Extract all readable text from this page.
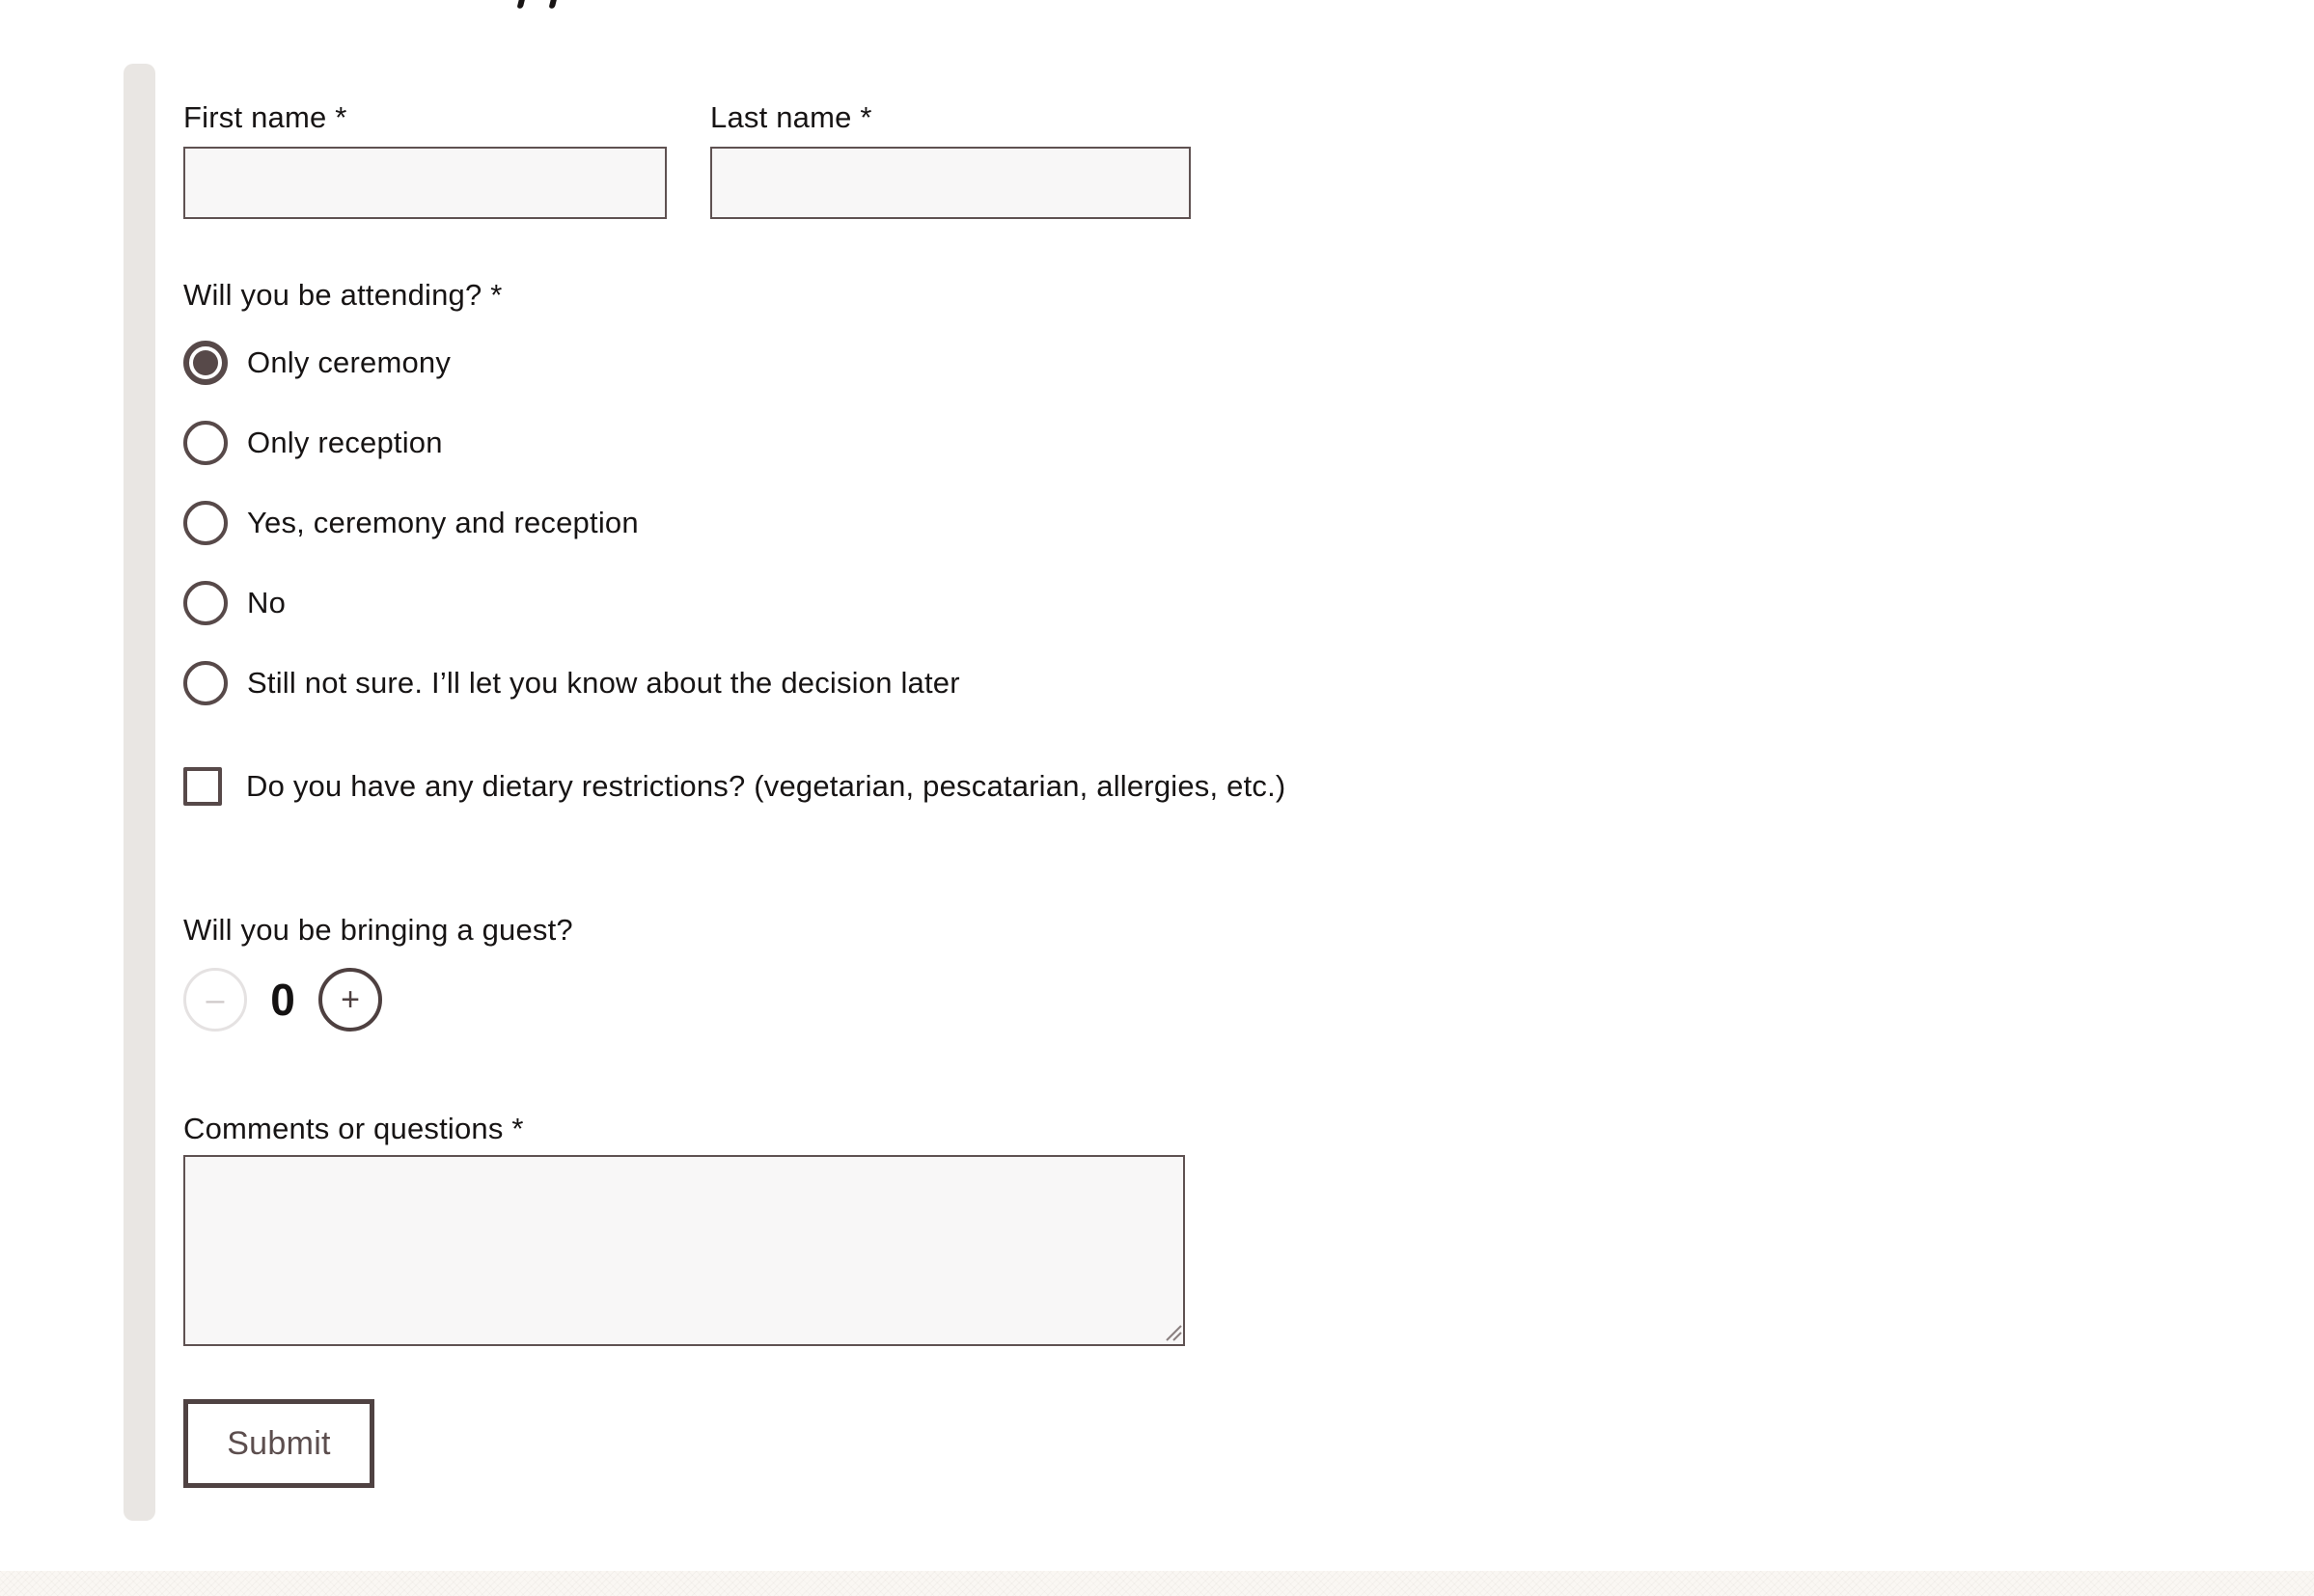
First name *	Last name *
Will you be attending? *
Only ceremony
Only reception
Yes, ceremony and reception
No
Still not sure. I’ll let you know about the decision later
Do you have any dietary restrictions? (vegetarian, pescatarian, allergies, etc.)
Will you be bringing a guest?
–	0	+
Comments or questions *
Submit
